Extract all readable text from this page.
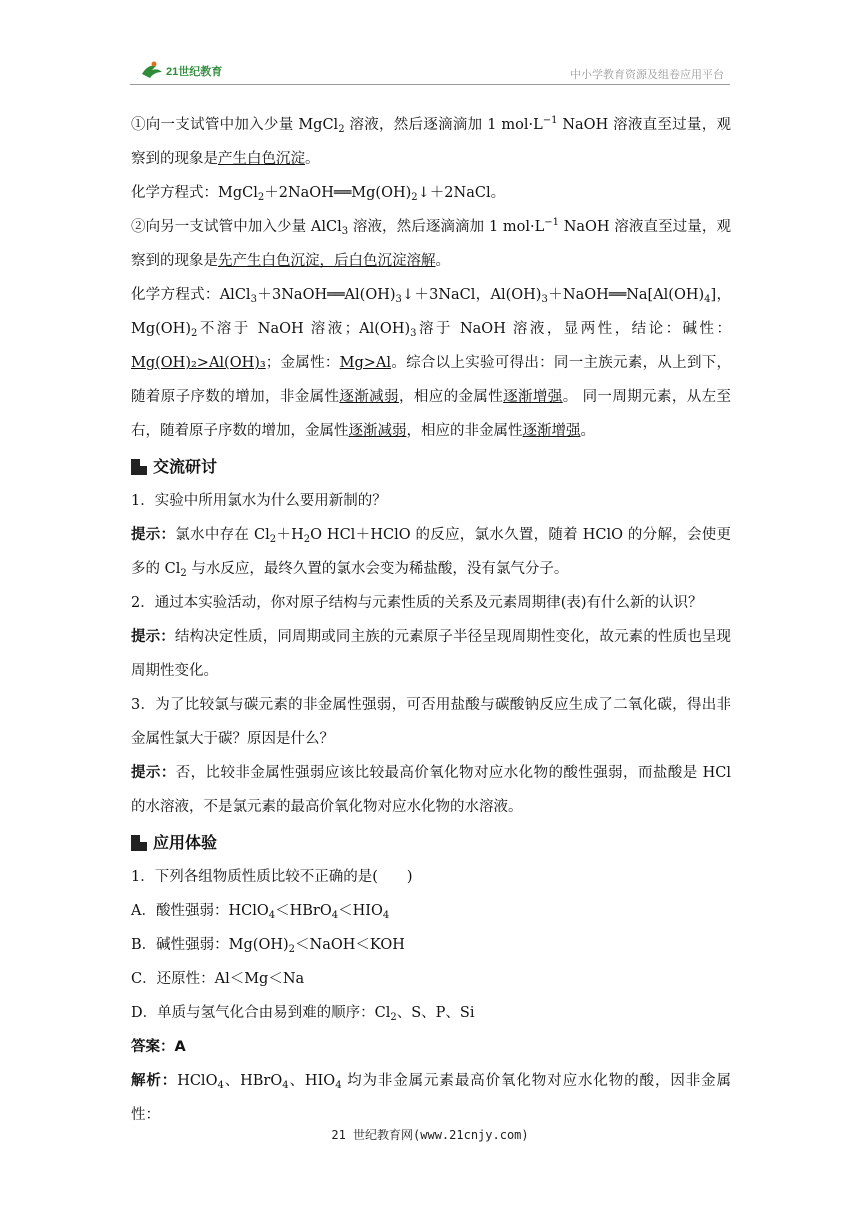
21世纪教育	中小学教育资源及组卷应用平台

①向一支试管中加入少量 MgCl$_2$ 溶液，然后逐滴滴加 1 $mol\cdot L^{-1}$ NaOH 溶液直至过量，观察到的现象是产生白色沉淀。

化学方程式：$MgCl_2+2NaOH══Mg(OH)_2↓+2NaCl$。

②向另一支试管中加入少量 AlCl$_3$ 溶液，然后逐滴滴加 1 $mol\cdot L^{-1}$ NaOH 溶液直至过量，观察到的现象是先产生白色沉淀，后白色沉淀溶解。

化学方程式：$AlCl_3+3NaOH══Al(OH)_3↓+3NaCl$，$Al(OH)_3+NaOH══Na[Al(OH)_4]$，$Mg(OH)_2$不溶于 NaOH 溶液；$Al(OH)_3$溶于 NaOH 溶液，显两性，结论：碱性：Mg(OH)₂>Al(OH)₃；金属性：Mg>Al。综合以上实验可得出：同一主族元素，从上到下，随着原子序数的增加，非金属性逐渐减弱，相应的金属性逐渐增强。 同一周期元素，从左至右，随着原子序数的增加，金属性逐渐减弱，相应的非金属性逐渐增强。

交流研讨

1．实验中所用氯水为什么要用新制的？

提示：氯水中存在 $Cl_2+H_2O$ HCl＋HClO 的反应，氯水久置，随着 HClO 的分解，会使更多的 $Cl_2$ 与水反应，最终久置的氯水会变为稀盐酸，没有氯气分子。

2．通过本实验活动，你对原子结构与元素性质的关系及元素周期律(表)有什么新的认识？

提示：结构决定性质，同周期或同主族的元素原子半径呈现周期性变化，故元素的性质也呈现周期性变化。

3．为了比较氯与碳元素的非金属性强弱，可否用盐酸与碳酸钠反应生成了二氧化碳，得出非金属性氯大于碳？原因是什么？

提示：否，比较非金属性强弱应该比较最高价氧化物对应水化物的酸性强弱，而盐酸是 HCl 的水溶液，不是氯元素的最高价氧化物对应水化物的水溶液。

应用体验

1．下列各组物质性质比较不正确的是(　　)

A．酸性强弱：$HClO_4<HBrO_4<HIO_4$

B．碱性强弱：$Mg(OH)_2<NaOH<KOH$

C．还原性：Al＜Mg＜Na

D．单质与氢气化合由易到难的顺序：$Cl_2$、S、P、Si

答案：A

解析：HClO$_4$、HBrO$_4$、$HIO_4$ 均为非金属元素最高价氧化物对应水化物的酸，因非金属性：

21 世纪教育网(www.21cnjy.com)
